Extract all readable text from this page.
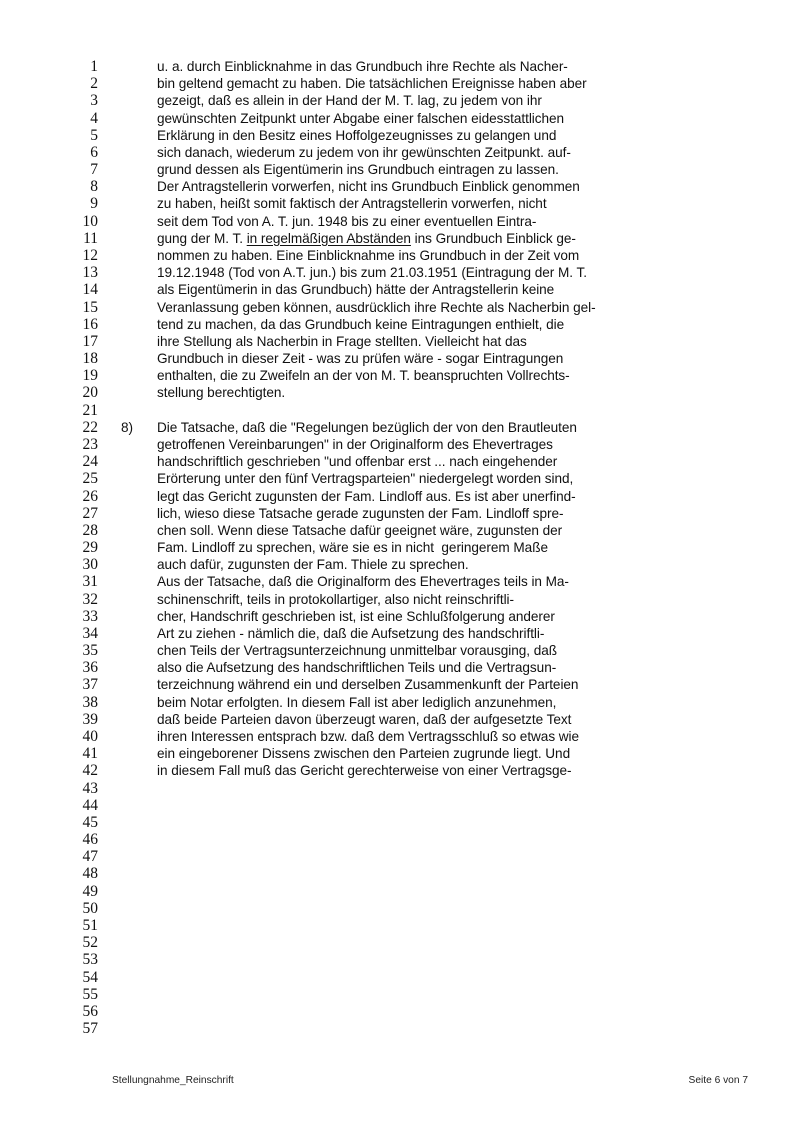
1	u. a. durch Einblicknahme in das Grundbuch ihre Rechte als Nacher-
2	bin geltend gemacht zu haben. Die tatsächlichen Ereignisse haben aber
3	gezeigt, daß es allein in der Hand der M. T. lag, zu jedem von ihr
4	gewünschten Zeitpunkt unter Abgabe einer falschen eidesstattlichen
5	Erklärung in den Besitz eines Hoffolgezeugnisses zu gelangen und
6	sich danach, wiederum zu jedem von ihr gewünschten Zeitpunkt. auf-
7	grund dessen als Eigentümerin ins Grundbuch eintragen zu lassen.
8	Der Antragstellerin vorwerfen, nicht ins Grundbuch Einblick genommen
9	zu haben, heißt somit faktisch der Antragstellerin vorwerfen, nicht
10	seit dem Tod von A. T. jun. 1948 bis zu einer eventuellen Eintra-
11	gung der M. T. in regelmäßigen Abständen ins Grundbuch Einblick ge-
12	nommen zu haben. Eine Einblicknahme ins Grundbuch in der Zeit vom
13	19.12.1948 (Tod von A.T. jun.) bis zum 21.03.1951 (Eintragung der M. T.
14	als Eigentümerin in das Grundbuch) hätte der Antragstellerin keine
15	Veranlassung geben können, ausdrücklich ihre Rechte als Nacherbin gel-
16	tend zu machen, da das Grundbuch keine Eintragungen enthielt, die
17	ihre Stellung als Nacherbin in Frage stellten. Vielleicht hat das
18	Grundbuch in dieser Zeit - was zu prüfen wäre - sogar Eintragungen
19	enthalten, die zu Zweifeln an der von M. T. beanspruchten Vollrechts-
20	stellung berechtigten.
21
22 8) Die Tatsache, daß die "Regelungen bezüglich der von den Brautleuten
23	getroffenen Vereinbarungen" in der Originalform des Ehevertrages
24	handschriftlich geschrieben "und offenbar erst ... nach eingehender
25	Erörterung unter den fünf Vertragsparteien" niedergelegt worden sind,
26	legt das Gericht zugunsten der Fam. Lindloff aus. Es ist aber unerfind-
27	lich, wieso diese Tatsache gerade zugunsten der Fam. Lindloff spre-
28	chen soll. Wenn diese Tatsache dafür geeignet wäre, zugunsten der
29	Fam. Lindloff zu sprechen, wäre sie es in nicht  geringerem Maße
30	auch dafür, zugunsten der Fam. Thiele zu sprechen.
31	Aus der Tatsache, daß die Originalform des Ehevertrages teils in Ma-
32	schinenschrift, teils in protokollartiger, also nicht reinschriftli-
33	cher, Handschrift geschrieben ist, ist eine Schlußfolgerung anderer
34	Art zu ziehen - nämlich die, daß die Aufsetzung des handschriftli-
35	chen Teils der Vertragsunterzeichnung unmittelbar vorausging, daß
36	also die Aufsetzung des handschriftlichen Teils und die Vertragsun-
37	terzeichnung während ein und derselben Zusammenkunft der Parteien
38	beim Notar erfolgten. In diesem Fall ist aber lediglich anzunehmen,
39	daß beide Parteien davon überzeugt waren, daß der aufgesetzte Text
40	ihren Interessen entsprach bzw. daß dem Vertragsschluß so etwas wie
41	ein eingeborener Dissens zwischen den Parteien zugrunde liegt. Und
42	in diesem Fall muß das Gericht gerechterweise von einer Vertragsge-
43
44
45
46
47
48
49
50
51
52
53
54
55
56
57
Stellungnahme_Reinschrift	Seite 6 von 7
